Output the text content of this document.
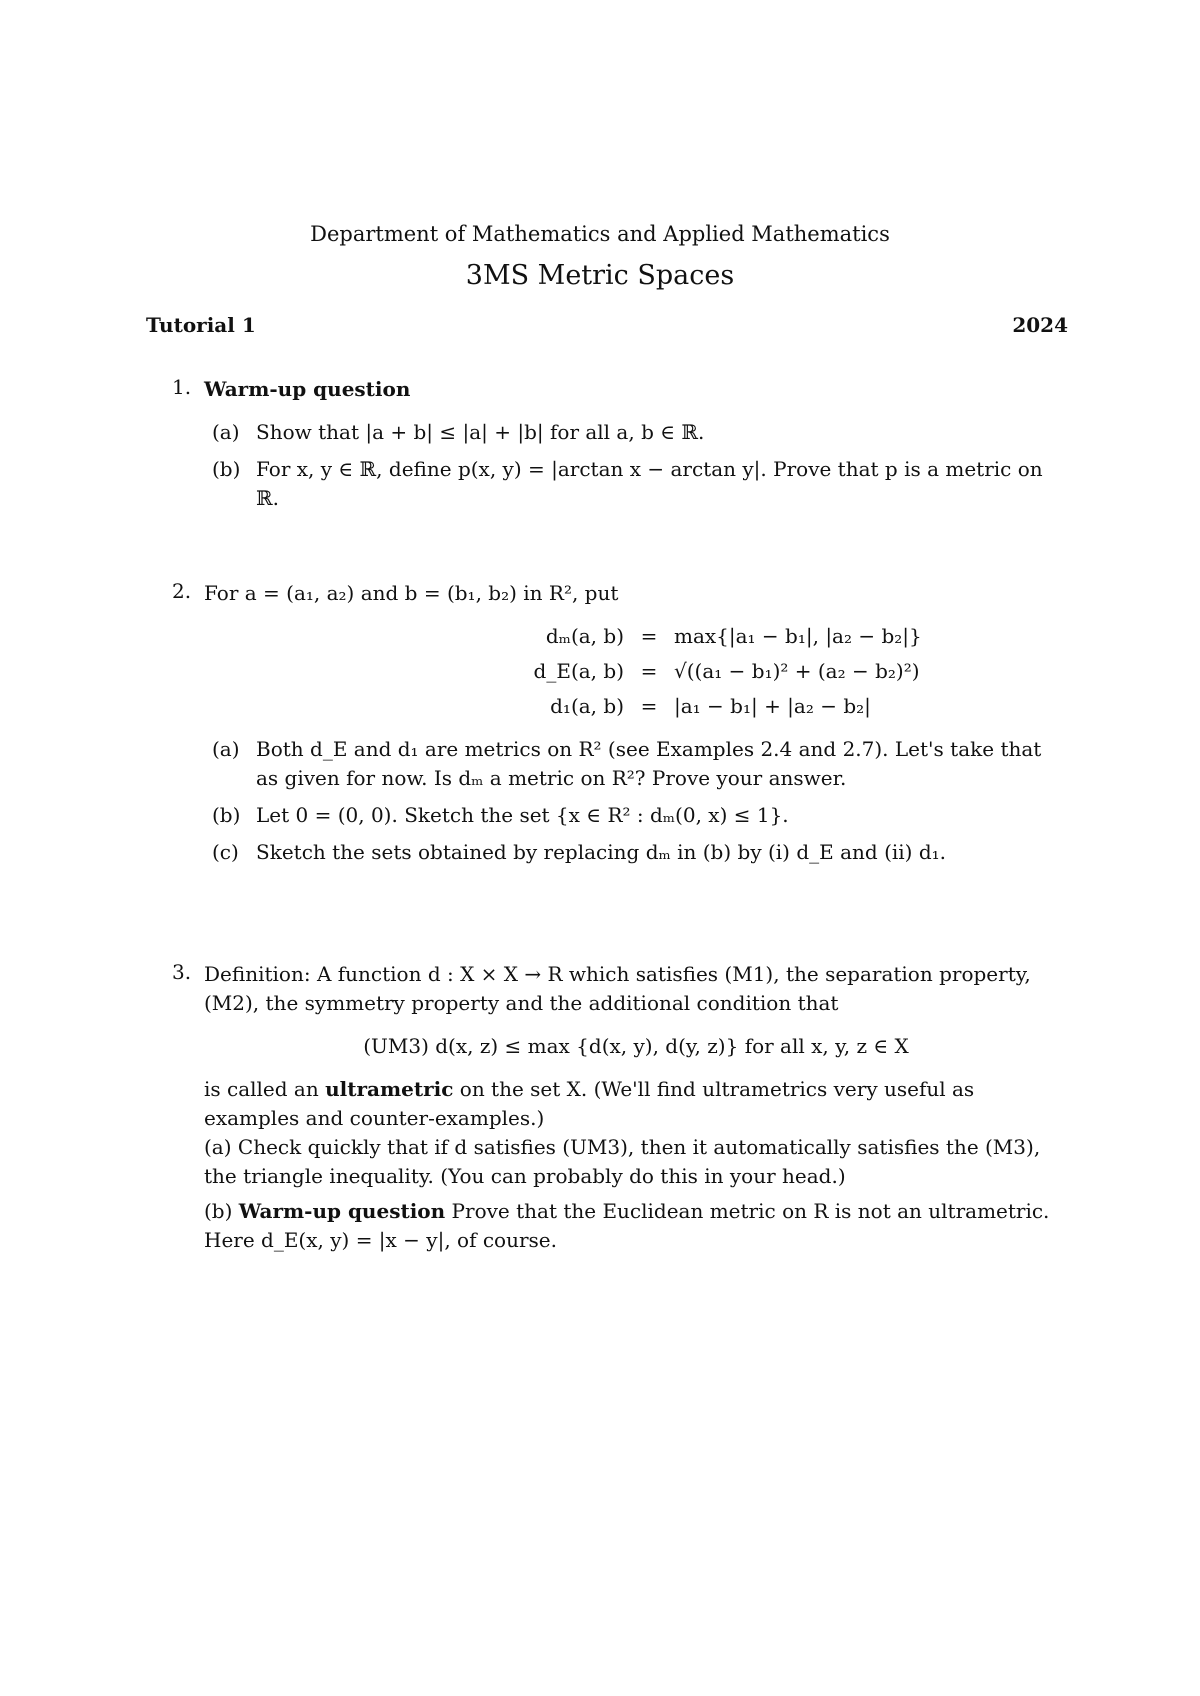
Department of Mathematics and Applied Mathematics
3MS Metric Spaces
Tutorial 1	2024
1. Warm-up question
(a) Show that |a + b| ≤ |a| + |b| for all a, b ∈ ℝ.
(b) For x, y ∈ ℝ, define p(x, y) = |arctan x − arctan y|. Prove that p is a metric on ℝ.
2. For a = (a₁, a₂) and b = (b₁, b₂) in R², put
dₘ(a, b) = max{|a₁ − b₁|, |a₂ − b₂|}
d_E(a, b) = √((a₁ − b₁)² + (a₂ − b₂)²)
d₁(a, b) = |a₁ − b₁| + |a₂ − b₂|
(a) Both d_E and d₁ are metrics on R² (see Examples 2.4 and 2.7). Let's take that as given for now. Is dₘ a metric on R²? Prove your answer.
(b) Let 0 = (0, 0). Sketch the set {x ∈ R² : dₘ(0, x) ≤ 1}.
(c) Sketch the sets obtained by replacing dₘ in (b) by (i) d_E and (ii) d₁.
3. Definition: A function d : X × X → R which satisfies (M1), the separation property, (M2), the symmetry property and the additional condition that
(UM3) d(x, z) ≤ max {d(x, y), d(y, z)} for all x, y, z ∈ X
is called an ultrametric on the set X. (We'll find ultrametrics very useful as examples and counter-examples.)
(a) Check quickly that if d satisfies (UM3), then it automatically satisfies the (M3), the triangle inequality. (You can probably do this in your head.)
(b) Warm-up question Prove that the Euclidean metric on R is not an ultrametric. Here d_E(x, y) = |x − y|, of course.
